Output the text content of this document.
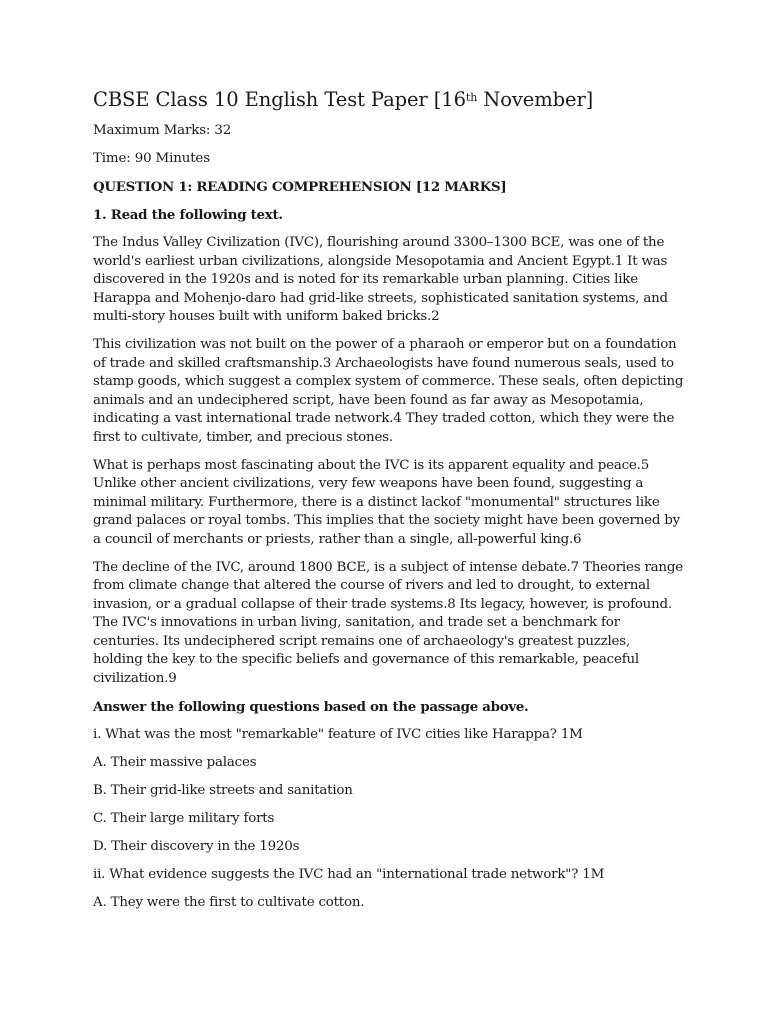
CBSE Class 10 English Test Paper [16th November]

Maximum Marks: 32

Time: 90 Minutes

QUESTION 1: READING COMPREHENSION [12 MARKS]

1. Read the following text.

The Indus Valley Civilization (IVC), flourishing around 3300–1300 BCE, was one of the
world's earliest urban civilizations, alongside Mesopotamia and Ancient Egypt.1 It was
discovered in the 1920s and is noted for its remarkable urban planning. Cities like
Harappa and Mohenjo-daro had grid-like streets, sophisticated sanitation systems, and
multi-story houses built with uniform baked bricks.2

This civilization was not built on the power of a pharaoh or emperor but on a foundation
of trade and skilled craftsmanship.3 Archaeologists have found numerous seals, used to
stamp goods, which suggest a complex system of commerce. These seals, often depicting
animals and an undeciphered script, have been found as far away as Mesopotamia,
indicating a vast international trade network.4 They traded cotton, which they were the
first to cultivate, timber, and precious stones.

What is perhaps most fascinating about the IVC is its apparent equality and peace.5
Unlike other ancient civilizations, very few weapons have been found, suggesting a
minimal military. Furthermore, there is a distinct lackof "monumental" structures like
grand palaces or royal tombs. This implies that the society might have been governed by
a council of merchants or priests, rather than a single, all-powerful king.6

The decline of the IVC, around 1800 BCE, is a subject of intense debate.7 Theories range
from climate change that altered the course of rivers and led to drought, to external
invasion, or a gradual collapse of their trade systems.8 Its legacy, however, is profound.
The IVC's innovations in urban living, sanitation, and trade set a benchmark for
centuries. Its undeciphered script remains one of archaeology's greatest puzzles,
holding the key to the specific beliefs and governance of this remarkable, peaceful
civilization.9

Answer the following questions based on the passage above.

i. What was the most "remarkable" feature of IVC cities like Harappa? 1M

A. Their massive palaces

B. Their grid-like streets and sanitation

C. Their large military forts

D. Their discovery in the 1920s

ii. What evidence suggests the IVC had an "international trade network"? 1M

A. They were the first to cultivate cotton.
